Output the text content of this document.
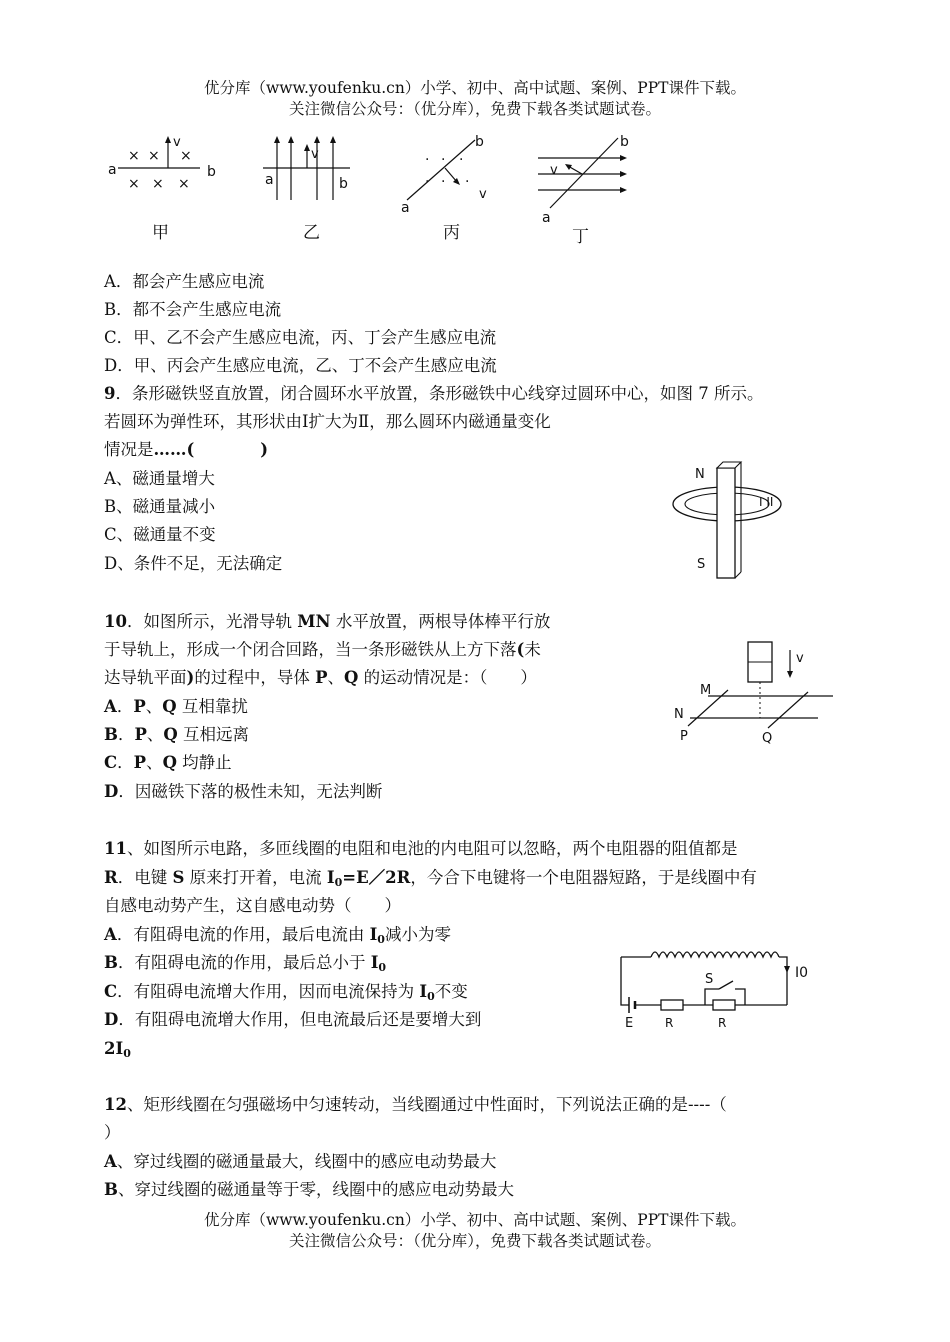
优分库（www.youfenku.cn）小学、初中、高中试题、案例、PPT课件下载。
关注微信公众号：（优分库），免费下载各类试题试卷。
a	b
× × ×
× × ×
v
甲
v
a	b
乙
a
b
· · ·
· · ·
v
丙
v
a
b
丁
A．都会产生感应电流
B．都不会产生感应电流
C．甲、乙不会产生感应电流，丙、丁会产生感应电流
D．甲、丙会产生感应电流，乙、丁不会产生感应电流
9．条形磁铁竖直放置，闭合圆环水平放置，条形磁铁中心线穿过圆环中心，如图 7 所示。
若圆环为弹性环，其形状由Ⅰ扩大为Ⅱ，那么圆环内磁通量变化
情况是……(　　　　)
A、磁通量增大
B、磁通量减小
C、磁通量不变
D、条件不足，无法确定
N
S
I II
10．如图所示，光滑导轨 MN 水平放置，两根导体棒平行放
于导轨上，形成一个闭合回路，当一条形磁铁从上方下落(未
达导轨平面)的过程中，导体 P、Q 的运动情况是：（　　）
A．P、Q 互相靠扰
B．P、Q 互相远离
C．P、Q 均静止
D．因磁铁下落的极性未知，无法判断
v
M
N
P	Q
11、如图所示电路，多匝线圈的电阻和电池的内电阻可以忽略，两个电阻器的阻值都是
R．电键 S 原来打开着，电流 $I_0=E/2R$，今合下电键将一个电阻器短路，于是线圈中有
自感电动势产生，这自感电动势（　　）
A．有阻碍电流的作用，最后电流由 $I_0$减小为零
B．有阻碍电流的作用，最后总小于 $I_0$
C．有阻碍电流增大作用，因而电流保持为 $I_0$不变
D．有阻碍电流增大作用，但电流最后还是要增大到
$2I_0$
I0
S
E	R	R
12、矩形线圈在匀强磁场中匀速转动，当线圈通过中性面时，下列说法正确的是----（
）
A、穿过线圈的磁通量最大，线圈中的感应电动势最大
B、穿过线圈的磁通量等于零，线圈中的感应电动势最大
优分库（www.youfenku.cn）小学、初中、高中试题、案例、PPT课件下载。
关注微信公众号：（优分库），免费下载各类试题试卷。
